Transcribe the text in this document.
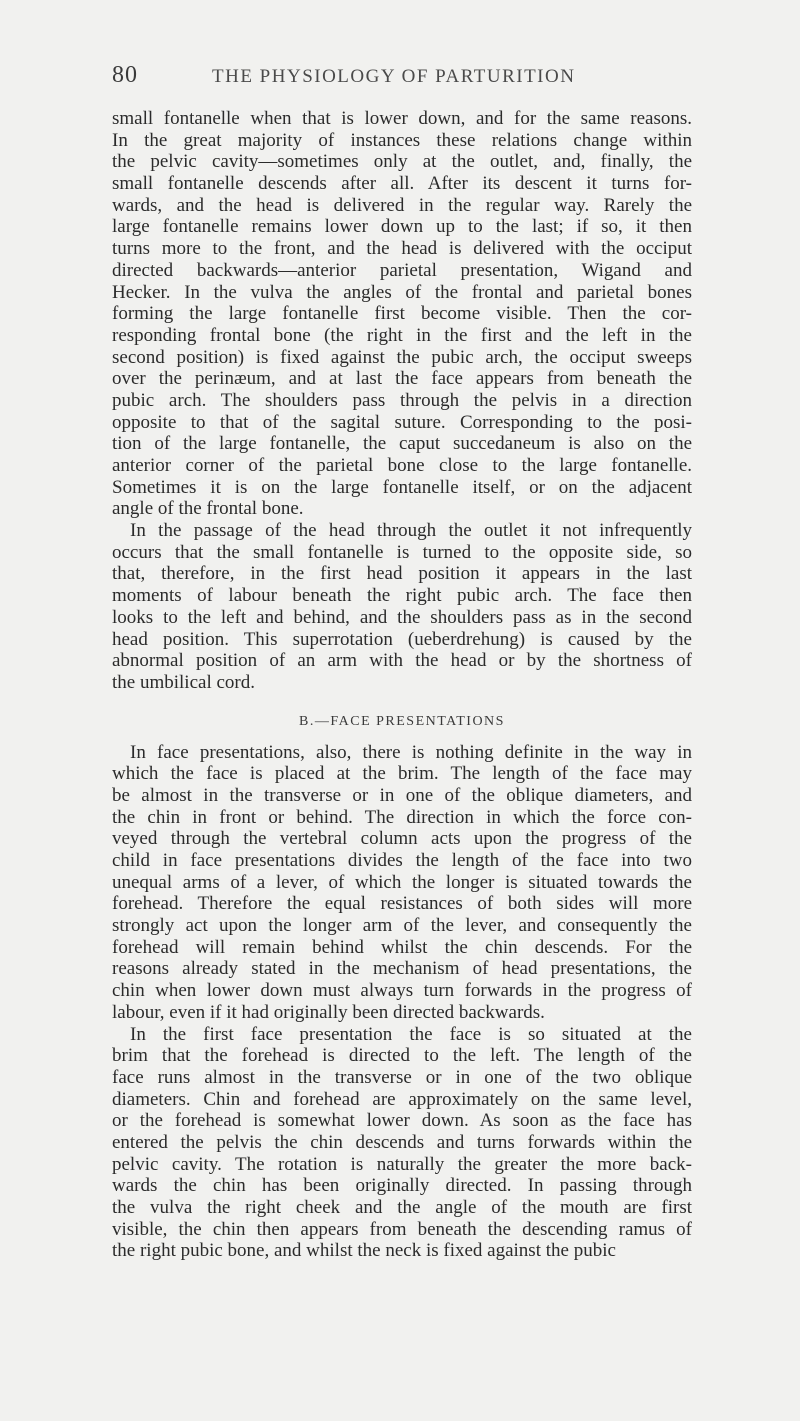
80	THE PHYSIOLOGY OF PARTURITION
small fontanelle when that is lower down, and for the same reasons.
In the great majority of instances these relations change within
the pelvic cavity—sometimes only at the outlet, and, finally, the
small fontanelle descends after all. After its descent it turns for-
wards, and the head is delivered in the regular way. Rarely the
large fontanelle remains lower down up to the last; if so, it then
turns more to the front, and the head is delivered with the occiput
directed backwards—anterior parietal presentation, Wigand and
Hecker. In the vulva the angles of the frontal and parietal bones
forming the large fontanelle first become visible. Then the cor-
responding frontal bone (the right in the first and the left in the
second position) is fixed against the pubic arch, the occiput sweeps
over the perinæum, and at last the face appears from beneath the
pubic arch. The shoulders pass through the pelvis in a direction
opposite to that of the sagital suture. Corresponding to the posi-
tion of the large fontanelle, the caput succedaneum is also on the
anterior corner of the parietal bone close to the large fontanelle.
Sometimes it is on the large fontanelle itself, or on the adjacent
angle of the frontal bone.
In the passage of the head through the outlet it not infrequently
occurs that the small fontanelle is turned to the opposite side, so
that, therefore, in the first head position it appears in the last
moments of labour beneath the right pubic arch. The face then
looks to the left and behind, and the shoulders pass as in the second
head position. This superrotation (ueberdrehung) is caused by the
abnormal position of an arm with the head or by the shortness of
the umbilical cord.
B.—FACE PRESENTATIONS
In face presentations, also, there is nothing definite in the way in
which the face is placed at the brim. The length of the face may
be almost in the transverse or in one of the oblique diameters, and
the chin in front or behind. The direction in which the force con-
veyed through the vertebral column acts upon the progress of the
child in face presentations divides the length of the face into two
unequal arms of a lever, of which the longer is situated towards the
forehead. Therefore the equal resistances of both sides will more
strongly act upon the longer arm of the lever, and consequently the
forehead will remain behind whilst the chin descends. For the
reasons already stated in the mechanism of head presentations, the
chin when lower down must always turn forwards in the progress of
labour, even if it had originally been directed backwards.
In the first face presentation the face is so situated at the
brim that the forehead is directed to the left. The length of the
face runs almost in the transverse or in one of the two oblique
diameters. Chin and forehead are approximately on the same level,
or the forehead is somewhat lower down. As soon as the face has
entered the pelvis the chin descends and turns forwards within the
pelvic cavity. The rotation is naturally the greater the more back-
wards the chin has been originally directed. In passing through
the vulva the right cheek and the angle of the mouth are first
visible, the chin then appears from beneath the descending ramus of
the right pubic bone, and whilst the neck is fixed against the pubic
